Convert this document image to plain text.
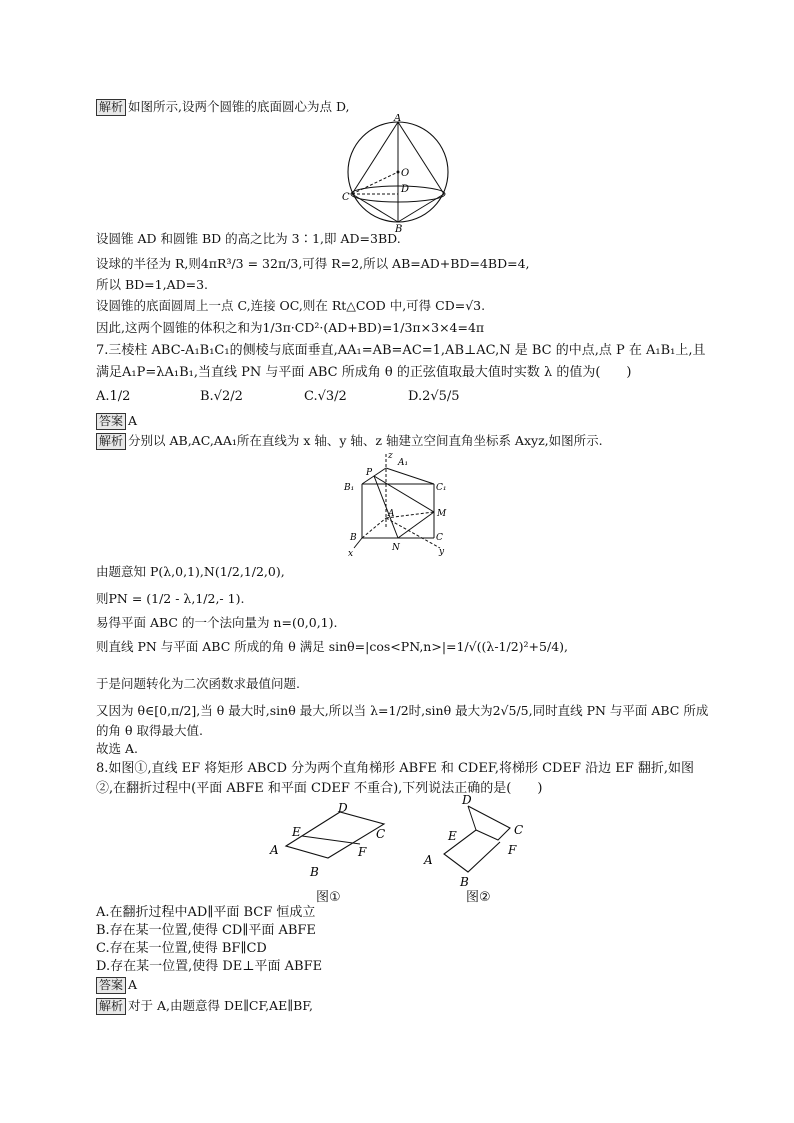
解析 如图所示,设两个圆锥的底面圆心为点 D,
A
O
D
C
B
设圆锥 AD 和圆锥 BD 的高之比为 3∶1,即 AD=3BD.
设球的半径为 R,则4πR³/3 = 32π/3,可得 R=2,所以 AB=AD+BD=4BD=4,
所以 BD=1,AD=3.
设圆锥的底面圆周上一点 C,连接 OC,则在 Rt△COD 中,可得 CD=√3.
因此,这两个圆锥的体积之和为1/3π·CD²·(AD+BD)=1/3π×3×4=4π
7.三棱柱 ABC-A₁B₁C₁的侧棱与底面垂直,AA₁=AB=AC=1,AB⊥AC,N 是 BC 的中点,点 P 在 A₁B₁上,且
满足A₁P=λA₁B₁,当直线 PN 与平面 ABC 所成角 θ 的正弦值取最大值时实数 λ 的值为(　　)
A.1/2	B.√2/2	C.√3/2	D.2√5/5
答案 A
解析 分别以 AB,AC,AA₁所在直线为 x 轴、y 轴、z 轴建立空间直角坐标系 Axyz,如图所示.
z
A₁
P
B₁	C₁
A	M
B
N
C
x	y
由题意知 P(λ,0,1),N(1/2,1/2,0),
则PN = (1/2 - λ,1/2,- 1).
易得平面 ABC 的一个法向量为 n=(0,0,1).
则直线 PN 与平面 ABC 所成的角 θ 满足 sinθ=|cos<PN,n>|=1/√((λ-1/2)²+5/4),
于是问题转化为二次函数求最值问题.
又因为 θ∈[0,π/2],当 θ 最大时,sinθ 最大,所以当 λ=1/2时,sinθ 最大为2√5/5,同时直线 PN 与平面 ABC 所成
的角 θ 取得最大值.
故选 A.
8.如图①,直线 EF 将矩形 ABCD 分为两个直角梯形 ABFE 和 CDEF,将梯形 CDEF 沿边 EF 翻折,如图
②,在翻折过程中(平面 ABFE 和平面 CDEF 不重合),下列说法正确的是(　　)
D
E	C
A	F
B
图①
D
E	C
A
F
B
图②
A.在翻折过程中AD∥平面 BCF 恒成立
B.存在某一位置,使得 CD∥平面 ABFE
C.存在某一位置,使得 BF∥CD
D.存在某一位置,使得 DE⊥平面 ABFE
答案 A
解析 对于 A,由题意得 DE∥CF,AE∥BF,
